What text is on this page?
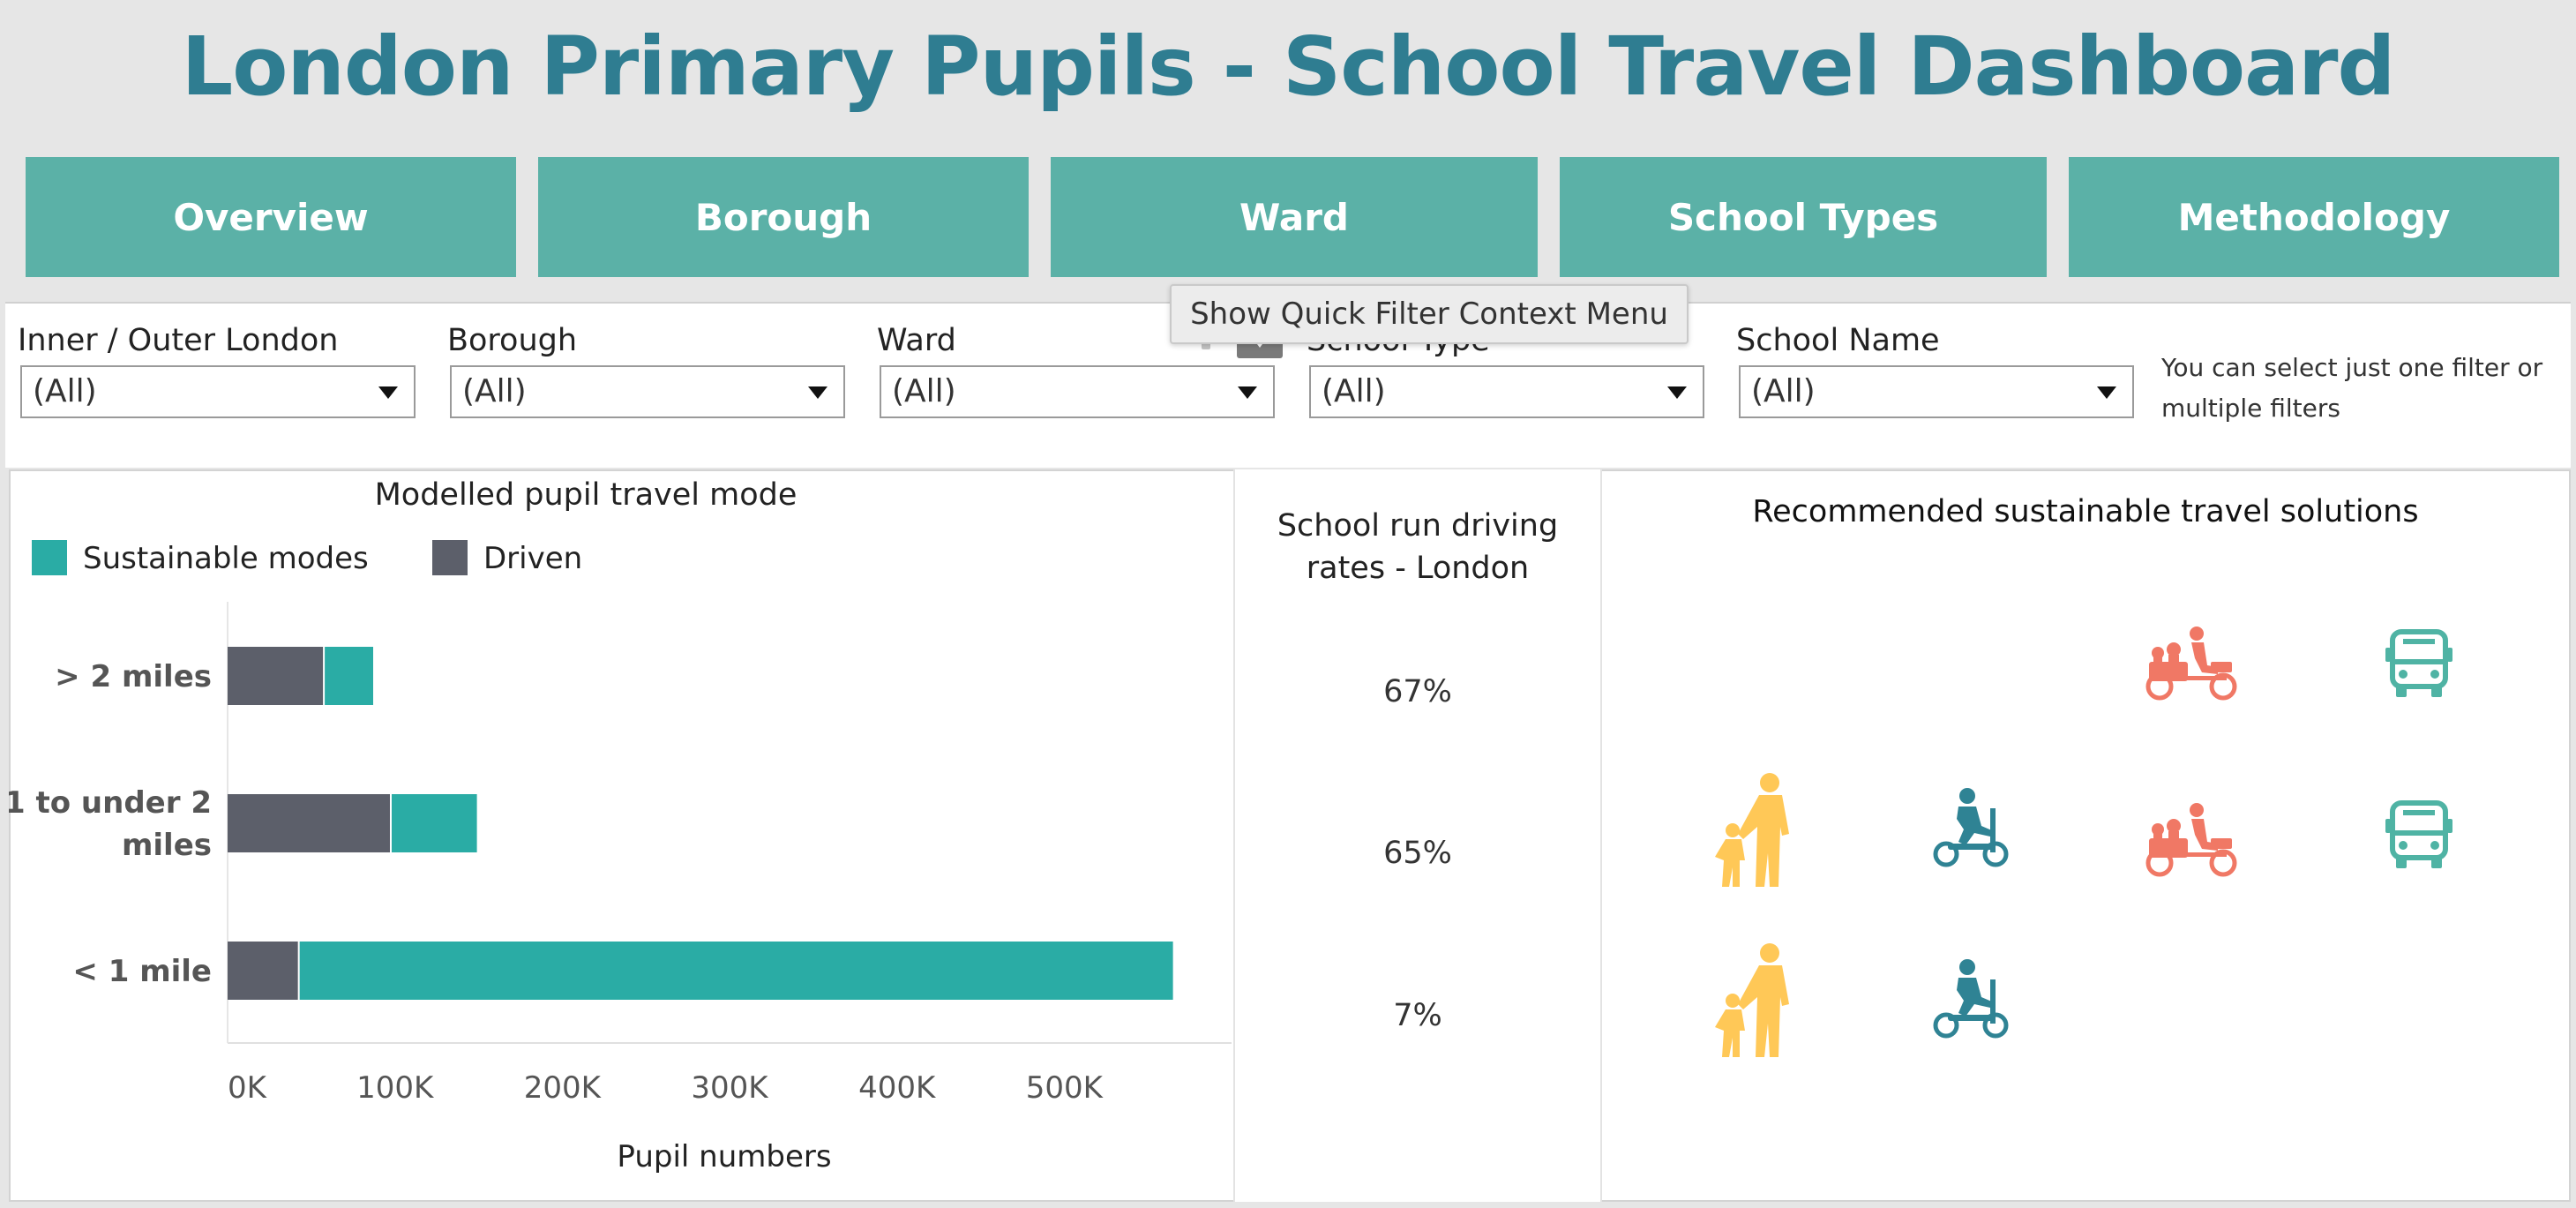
London Primary Pupils - School Travel Dashboard
Overview	Borough	Ward	School Types	Methodology
Inner / Outer London
(All)
Borough
(All)
Ward
(All)	(All)
School Name
(All)
You can select just one filter or multiple filters
Show Quick Filter Context Menu
Modelled pupil travel mode
Sustainable modes	Driven
> 2 miles
1 to under 2 miles
< 1 mile
0K	100K	200K	300K	400K	500K
Pupil numbers
School run driving rates - London
67%
65%
7%
Recommended sustainable travel solutions
